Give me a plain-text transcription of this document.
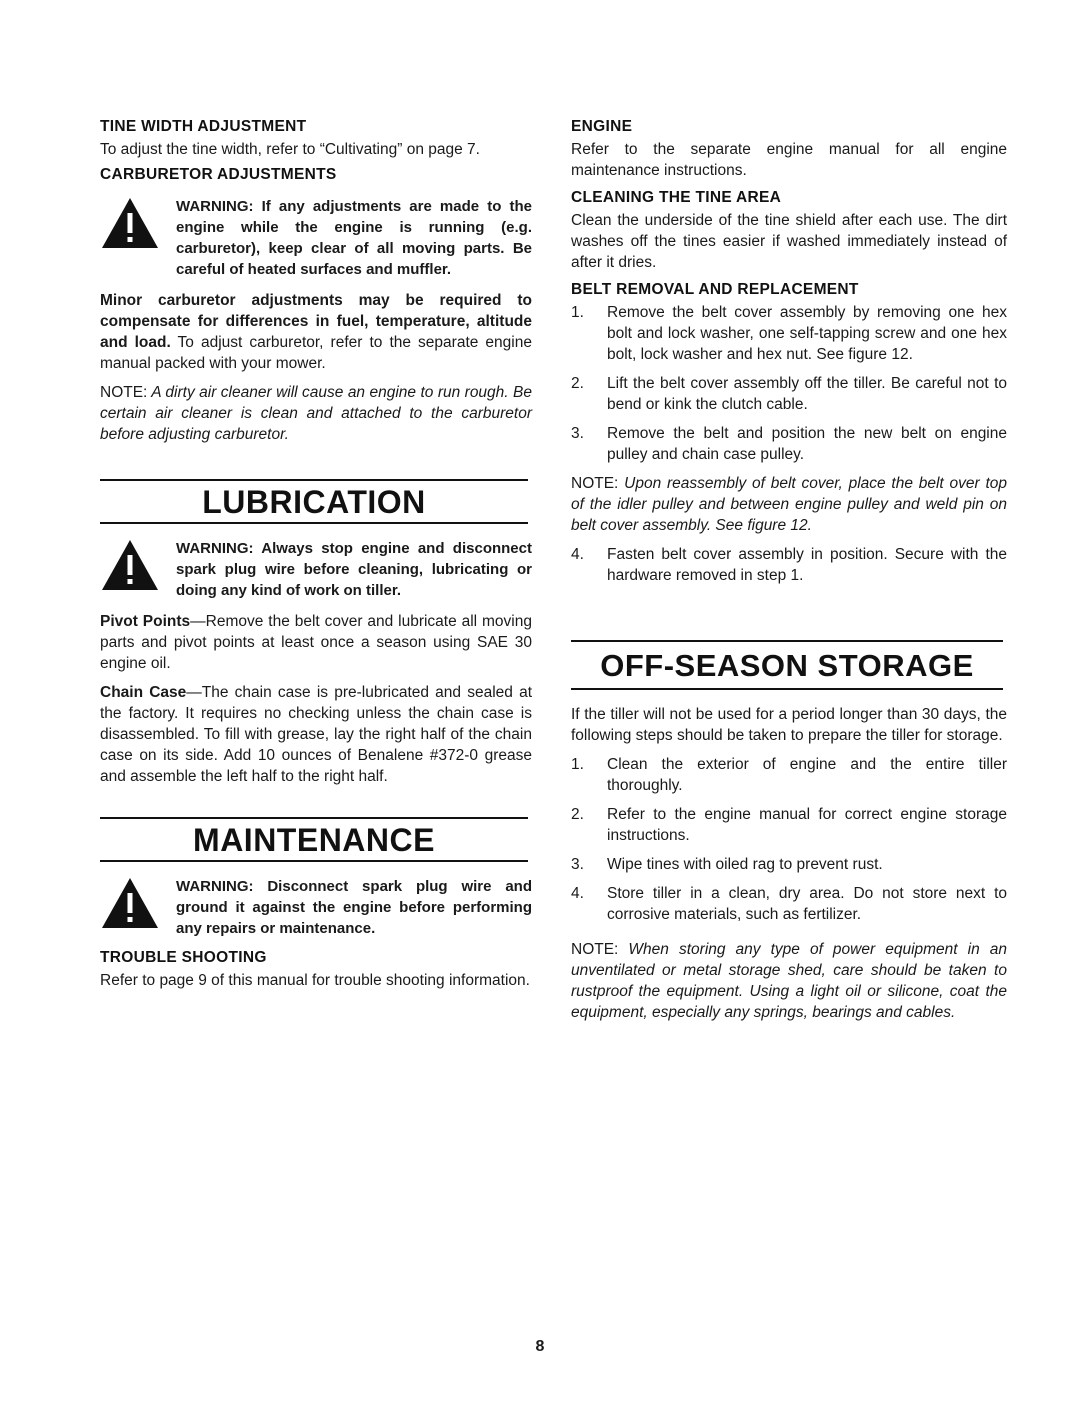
TINE WIDTH ADJUSTMENT

To adjust the tine width, refer to “Cultivating” on page 7.

CARBURETOR ADJUSTMENTS
WARNING: If any adjustments are made to the engine while the engine is running (e.g. carburetor), keep clear of all moving parts. Be careful of heated surfaces and muffler.

Minor carburetor adjustments may be required to compensate for differences in fuel, temperature, altitude and load. To adjust carburetor, refer to the separate engine manual packed with your mower.

NOTE: A dirty air cleaner will cause an engine to run rough. Be certain air cleaner is clean and attached to the carburetor before adjusting carburetor.

LUBRICATION
WARNING: Always stop engine and disconnect spark plug wire before cleaning, lubricating or doing any kind of work on tiller.

Pivot Points—Remove the belt cover and lubricate all moving parts and pivot points at least once a season using SAE 30 engine oil.

Chain Case—The chain case is pre-lubricated and sealed at the factory. It requires no checking unless the chain case is disassembled. To fill with grease, lay the right half of the chain case on its side. Add 10 ounces of Benalene #372-0 grease and assemble the left half to the right half.

MAINTENANCE
WARNING: Disconnect spark plug wire and ground it against the engine before performing any repairs or maintenance.
TROUBLE SHOOTING

Refer to page 9 of this manual for trouble shooting information.

ENGINE

Refer to the separate engine manual for all engine maintenance instructions.

CLEANING THE TINE AREA

Clean the underside of the tine shield after each use. The dirt washes off the tines easier if washed immediately instead of after it dries.

BELT REMOVAL AND REPLACEMENT
1.	Remove the belt cover assembly by removing one hex bolt and lock washer, one self-tapping screw and one hex bolt, lock washer and hex nut. See figure 12.
2.	Lift the belt cover assembly off the tiller. Be careful not to bend or kink the clutch cable.
3.	Remove the belt and position the new belt on engine pulley and chain case pulley.

NOTE: Upon reassembly of belt cover, place the belt over top of the idler pulley and between engine pulley and weld pin on belt cover assembly. See figure 12.

4.	Fasten belt cover assembly in position. Secure with the hardware removed in step 1.
OFF-SEASON STORAGE

If the tiller will not be used for a period longer than 30 days, the following steps should be taken to prepare the tiller for storage.

1.	Clean the exterior of engine and the entire tiller thoroughly.
2.	Refer to the engine manual for correct engine storage instructions.
3.	Wipe tines with oiled rag to prevent rust.
4.	Store tiller in a clean, dry area. Do not store next to corrosive materials, such as fertilizer.

NOTE: When storing any type of power equipment in an unventilated or metal storage shed, care should be taken to rustproof the equipment. Using a light oil or silicone, coat the equipment, especially any springs, bearings and cables.

8
